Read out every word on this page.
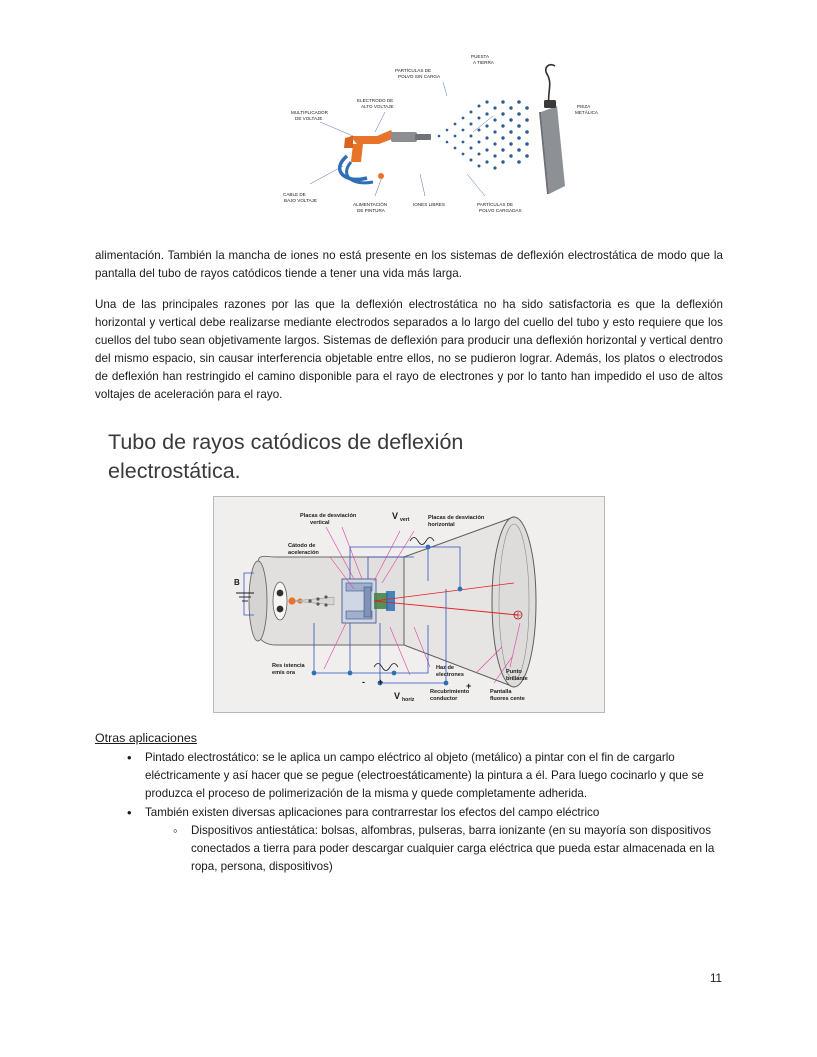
MULTIPLICADOR
DE VOLTAJE
ELECTRODO DE
ALTO VOLTAJE
PARTÍCULAS DE
POLVO SIN CARGA
PUESTA
A TIERRA
PIEZA
METÁLICA
CABLE DE
BAJO VOLTAJE
ALIMENTACIÓN
DE PINTURA
IONES LIBRES	PARTÍCULAS DE
POLVO CARGADAS

alimentación. También la mancha de iones no está presente en los sistemas de deflexión electrostática de modo que la pantalla del tubo de rayos catódicos tiende a tener una vida más larga.

Una de las principales razones por las que la deflexión electrostática no ha sido satisfactoria es que la deflexión horizontal y vertical debe realizarse mediante electrodos separados a lo largo del cuello del tubo y esto requiere que los cuellos del tubo sean objetivamente largos. Sistemas de deflexión para producir una deflexión horizontal y vertical dentro del mismo espacio, sin causar interferencia objetable entre ellos, no se pudieron lograr. Además, los platos o electrodos de deflexión han restringido el camino disponible para el rayo de electrones y por lo tanto han impedido el uso de altos voltajes de aceleración para el rayo.

Tubo de rayos catódicos de deflexión electrostática.
Placas de desviación
vertical
V vert	Placas de desviación
horizontal
Cátodo de
aceleración
B
Res istencia
emis ora
Haz de
electrones	Punto
brillante
Recubrimiento
conductor
Pantalla
fluores cente
V horiz
- +	+
Otras aplicaciones
• Pintado electrostático: se le aplica un campo eléctrico al objeto (metálico) a pintar con el fin de cargarlo eléctricamente y así hacer que se pegue (electroestáticamente) la pintura a él. Para luego cocinarlo y que se produzca el proceso de polimerización de la misma y quede completamente adherida.
• También existen diversas aplicaciones para contrarrestar los efectos del campo eléctrico
◦ Dispositivos antiestática: bolsas, alfombras, pulseras, barra ionizante (en su mayoría son dispositivos conectados a tierra para poder descargar cualquier carga eléctrica que pueda estar almacenada en la ropa, persona, dispositivos)
11
